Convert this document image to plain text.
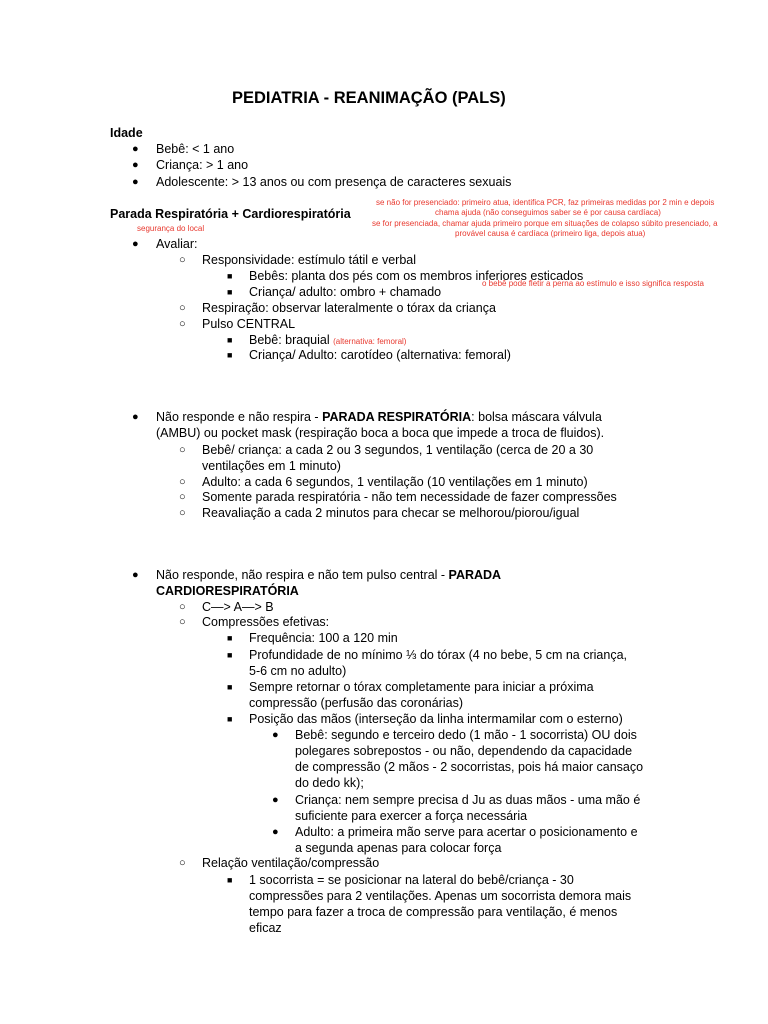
PEDIATRIA - REANIMAÇÃO (PALS)
Idade
● Bebê: < 1 ano
● Criança: > 1 ano
● Adolescente: > 13 anos ou com presença de caracteres sexuais
Parada Respiratória + Cardiorespiratória
se não for presenciado: primeiro atua, identifica PCR, faz primeiras medidas por 2 min e depois
chama ajuda (não conseguimos saber se é por causa cardíaca)
se for presenciada, chamar ajuda primeiro porque em situações de colapso súbito presenciado, a
provável causa é cardíaca (primeiro liga, depois atua)
segurança do local
● Avaliar:
○ Responsividade: estímulo tátil e verbal
■ Bebês: planta dos pés com os membros inferiores esticados
o bebê pode fletir a perna ao estímulo e isso significa resposta
■ Criança/ adulto: ombro + chamado
○ Respiração: observar lateralmente o tórax da criança
○ Pulso CENTRAL
■ Bebê: braquial (alternativa: femoral)
■ Criança/ Adulto: carotídeo (alternativa: femoral)
● Não responde e não respira - PARADA RESPIRATÓRIA: bolsa máscara válvula
(AMBU) ou pocket mask (respiração boca a boca que impede a troca de fluidos).
○ Bebê/ criança: a cada 2 ou 3 segundos, 1 ventilação (cerca de 20 a 30
ventilações em 1 minuto)
○ Adulto: a cada 6 segundos, 1 ventilação (10 ventilações em 1 minuto)
○ Somente parada respiratória - não tem necessidade de fazer compressões
○ Reavaliação a cada 2 minutos para checar se melhorou/piorou/igual
● Não responde, não respira e não tem pulso central - PARADA
CARDIORESPIRATÓRIA
○ C—> A—> B
○ Compressões efetivas:
■ Frequência: 100 a 120 min
■ Profundidade de no mínimo ⅓ do tórax (4 no bebe, 5 cm na criança,
5-6 cm no adulto)
■ Sempre retornar o tórax completamente para iniciar a próxima
compressão (perfusão das coronárias)
■ Posição das mãos (interseção da linha intermamilar com o esterno)
● Bebê: segundo e terceiro dedo (1 mão - 1 socorrista) OU dois
polegares sobrepostos - ou não, dependendo da capacidade
de compressão (2 mãos - 2 socorristas, pois há maior cansaço
do dedo kk);
● Criança: nem sempre precisa d Ju as duas mãos - uma mão é
suficiente para exercer a força necessária
● Adulto: a primeira mão serve para acertar o posicionamento e
a segunda apenas para colocar força
○ Relação ventilação/compressão
■ 1 socorrista = se posicionar na lateral do bebê/criança - 30
compressões para 2 ventilações. Apenas um socorrista demora mais
tempo para fazer a troca de compressão para ventilação, é menos
eficaz
